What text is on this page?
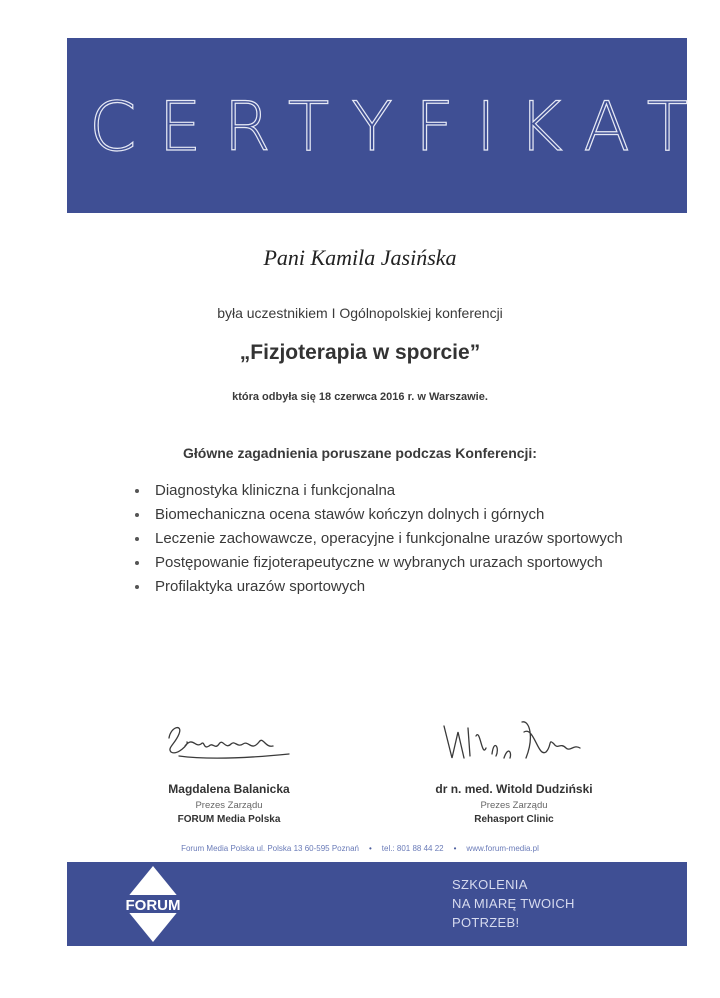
CERTYFIKAT
Pani Kamila Jasińska
była uczestnikiem I Ogólnopolskiej konferencji
„Fizjoterapia w sporcie”
która odbyła się 18 czerwca 2016 r. w Warszawie.
Główne zagadnienia poruszane podczas Konferencji:
Diagnostyka kliniczna i funkcjonalna
Biomechaniczna ocena stawów kończyn dolnych i górnych
Leczenie zachowawcze, operacyjne i funkcjonalne urazów sportowych
Postępowanie fizjoterapeutyczne w wybranych urazach sportowych
Profilaktyka urazów sportowych
Magdalena Balanicka
Prezes Zarządu
FORUM Media Polska
dr n. med. Witold Dudziński
Prezes Zarządu
Rehasport Clinic
Forum Media Polska ul. Polska 13 60-595 Poznań • tel.: 801 88 44 22 • www.forum-media.pl
FORUM
SZKOLENIA
NA MIARĘ TWOICH
POTRZEB!
